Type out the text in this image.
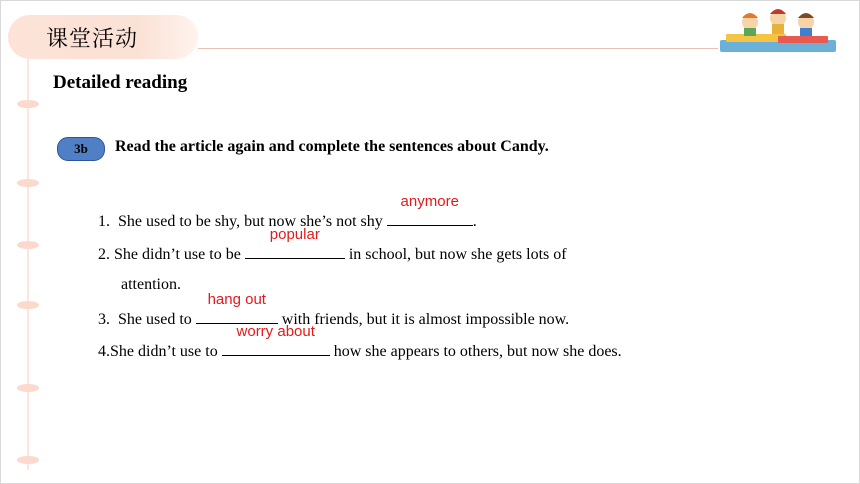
课堂活动
Detailed reading
3b Read the article again and complete the sentences about Candy.
1.  She used to be shy, but now she’s not shy
anymore
.
2. She didn’t use to be
popular
in school, but now she gets lots of
attention.
3.  She used to
hang out
with friends, but it is almost impossible now.
4.She didn’t use to
worry about
how she appears to others, but now she does.
